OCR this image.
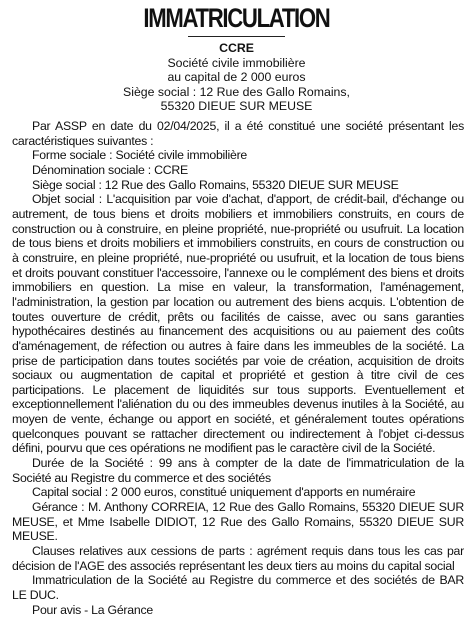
IMMATRICULATION
CCRE
Société civile immobilière
au capital de 2 000 euros
Siège social : 12 Rue des Gallo Romains,
55320 DIEUE SUR MEUSE

Par ASSP en date du 02/04/2025, il a été constitué une société présentant les caractéristiques suivantes :

Forme sociale : Société civile immobilière

Dénomination sociale : CCRE

Siège social : 12 Rue des Gallo Romains, 55320 DIEUE SUR MEUSE

Objet social : L'acquisition par voie d'achat, d'apport, de crédit-bail, d'échange ou autrement, de tous biens et droits mobiliers et immobiliers construits, en cours de construction ou à construire, en pleine propriété, nue-propriété ou usufruit. La location de tous biens et droits mobiliers et immobiliers construits, en cours de construction ou à construire, en pleine propriété, nue-propriété ou usufruit, et la location de tous biens et droits pouvant constituer l'accessoire, l'annexe ou le complément des biens et droits immobiliers en question. La mise en valeur, la transformation, l'aménagement, l'administration, la gestion par location ou autrement des biens acquis. L'obtention de toutes ouverture de crédit, prêts ou facilités de caisse, avec ou sans garanties hypothécaires destinés au financement des acquisitions ou au paiement des coûts d'aménagement, de réfection ou autres à faire dans les immeubles de la société. La prise de participation dans toutes sociétés par voie de création, acquisition de droits sociaux ou augmentation de capital et propriété et gestion à titre civil de ces participations. Le placement de liquidités sur tous supports. Eventuellement et exceptionnellement l'aliénation du ou des immeubles devenus inutiles à la Société, au moyen de vente, échange ou apport en société, et généralement toutes opérations quelconques pouvant se rattacher directement ou indirectement à l'objet ci-dessus défini, pourvu que ces opérations ne modifient pas le caractère civil de la Société.

Durée de la Société : 99 ans à compter de la date de l'immatriculation de la Société au Registre du commerce et des sociétés

Capital social : 2 000 euros, constitué uniquement d'apports en numéraire

Gérance : M. Anthony CORREIA, 12 Rue des Gallo Romains, 55320 DIEUE SUR MEUSE, et Mme Isabelle DIDIOT, 12 Rue des Gallo Romains, 55320 DIEUE SUR MEUSE.

Clauses relatives aux cessions de parts : agrément requis dans tous les cas par décision de l'AGE des associés représentant les deux tiers au moins du capital social

Immatriculation de la Société au Registre du commerce et des sociétés de BAR LE DUC.

Pour avis - La Gérance
